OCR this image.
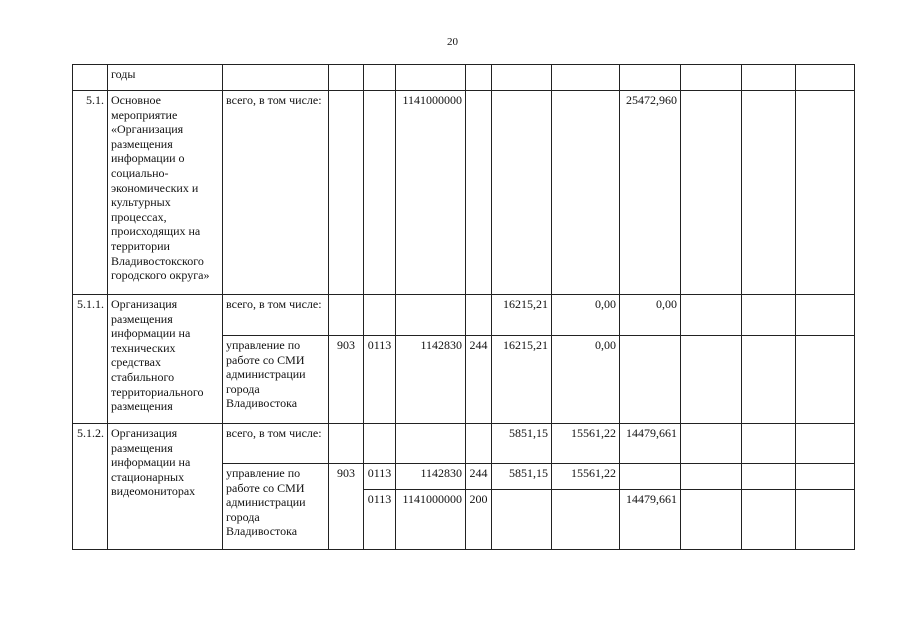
20
	годы											
5.1.	Основное мероприятие «Организация размещения информации о социально-экономических и культурных процессах, происходящих на территории Владивостокского городского округа»	всего, в том числе:			1141000000				25472,960			
5.1.1.	Организация размещения информации на технических средствах стабильного территориального размещения	всего, в том числе:					16215,21	0,00	0,00			
		управление по работе со СМИ администрации города Владивостока	903	0113	1142830	244	16215,21	0,00				
5.1.2.	Организация размещения информации на стационарных видеомониторах	всего, в том числе:					5851,15	15561,22	14479,661			
		управление по работе со СМИ администрации города Владивостока	903	0113	1142830	244	5851,15	15561,22				
				0113	1141000000	200			14479,661			
